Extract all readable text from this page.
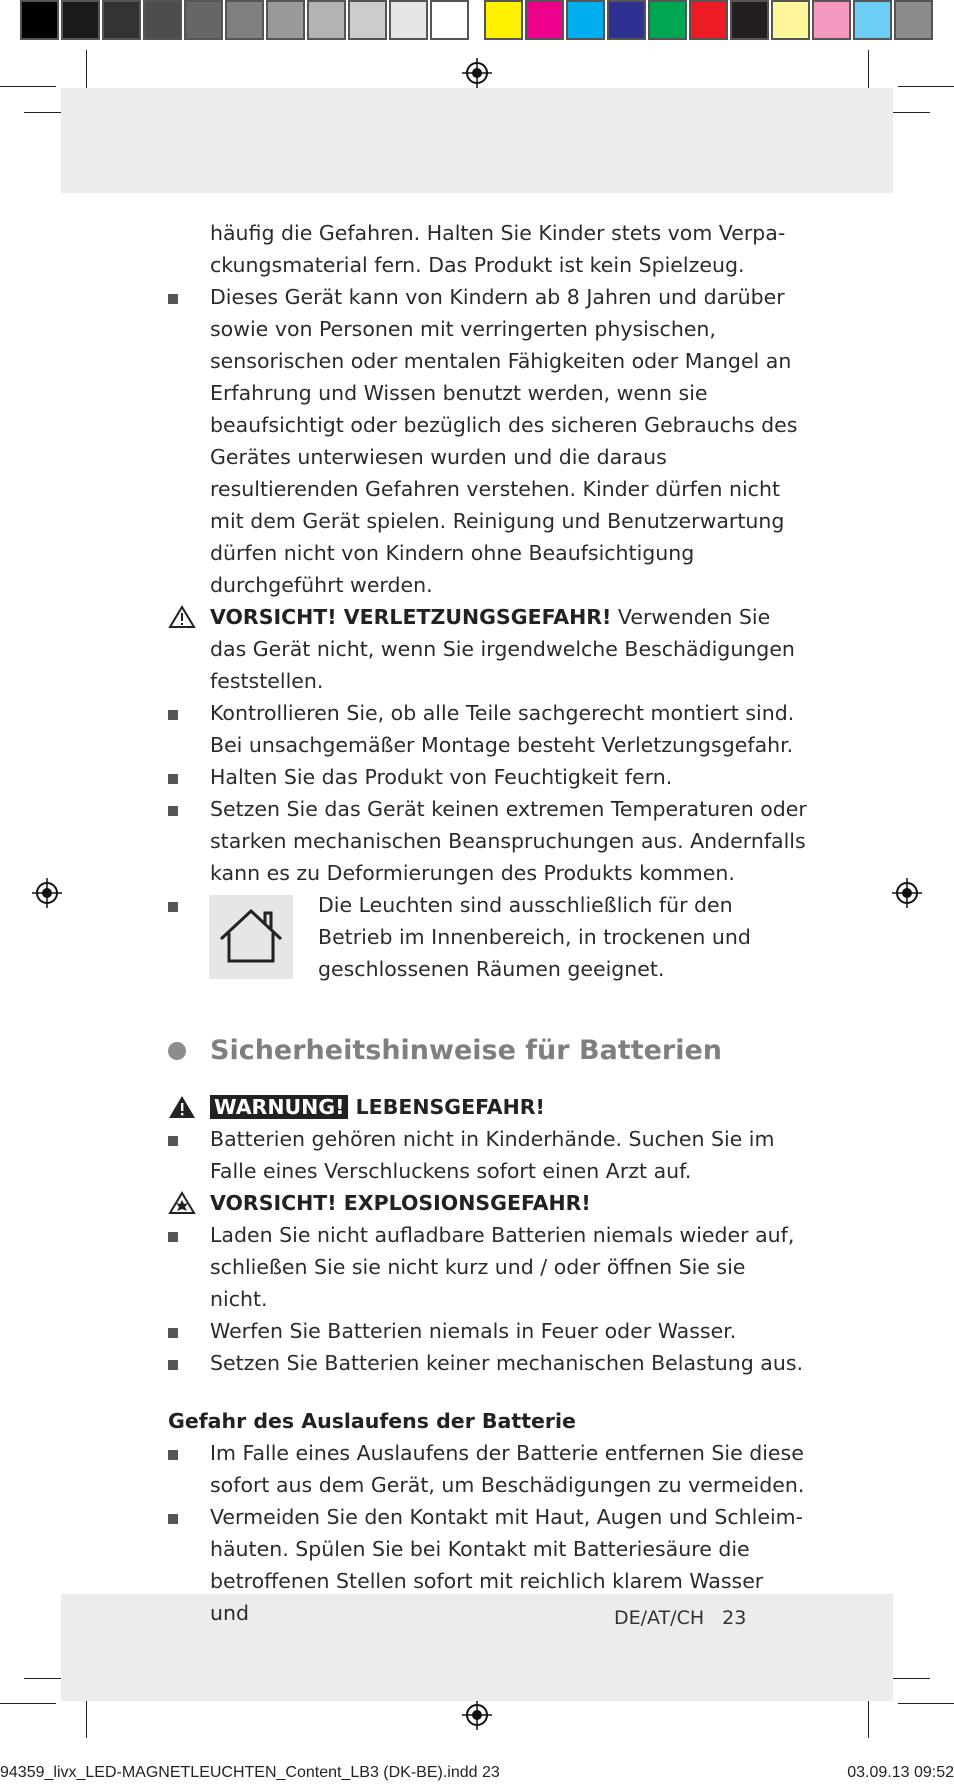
häufig die Gefahren. Halten Sie Kinder stets vom Verpackungsmaterial fern. Das Produkt ist kein Spielzeug.
Dieses Gerät kann von Kindern ab 8 Jahren und darüber sowie von Personen mit verringerten physischen, sensorischen oder mentalen Fähigkeiten oder Mangel an Erfahrung und Wissen benutzt werden, wenn sie beaufsichtigt oder bezüglich des sicheren Gebrauchs des Gerätes unterwiesen wurden und die daraus resultierenden Gefahren verstehen. Kinder dürfen nicht mit dem Gerät spielen. Reinigung und Benutzerwartung dürfen nicht von Kindern ohne Beaufsichtigung durchgeführt werden.
VORSICHT! VERLETZUNGSGEFAHR! Verwenden Sie das Gerät nicht, wenn Sie irgendwelche Beschädigungen feststellen.
Kontrollieren Sie, ob alle Teile sachgerecht montiert sind. Bei unsachgemäßer Montage besteht Verletzungsgefahr.
Halten Sie das Produkt von Feuchtigkeit fern.
Setzen Sie das Gerät keinen extremen Temperaturen oder starken mechanischen Beanspruchungen aus. Andernfalls kann es zu Deformierungen des Produkts kommen.
Die Leuchten sind ausschließlich für den Betrieb im Innenbereich, in trockenen und geschlossenen Räumen geeignet.
Sicherheitshinweise für Batterien
WARNUNG! LEBENSGEFAHR!
Batterien gehören nicht in Kinderhände. Suchen Sie im Falle eines Verschluckens sofort einen Arzt auf.
VORSICHT! EXPLOSIONSGEFAHR!
Laden Sie nicht aufladbare Batterien niemals wieder auf, schließen Sie sie nicht kurz und / oder öffnen Sie sie nicht.
Werfen Sie Batterien niemals in Feuer oder Wasser.
Setzen Sie Batterien keiner mechanischen Belastung aus.
Gefahr des Auslaufens der Batterie
Im Falle eines Auslaufens der Batterie entfernen Sie diese sofort aus dem Gerät, um Beschädigungen zu vermeiden.
Vermeiden Sie den Kontakt mit Haut, Augen und Schleimhäuten. Spülen Sie bei Kontakt mit Batteriesäure die betroffenen Stellen sofort mit reichlich klarem Wasser und	DE/AT/CH 23
94359_livx_LED-MAGNETLEUCHTEN_Content_LB3 (DK-BE).indd 23	03.09.13 09:52
